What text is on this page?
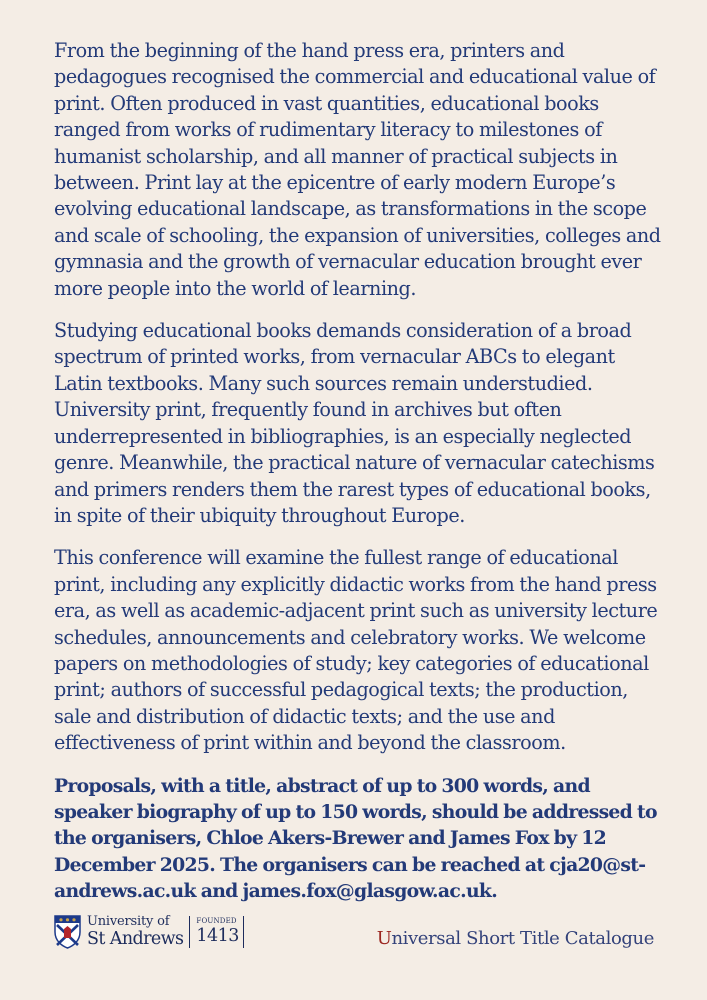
From the beginning of the hand press era, printers and pedagogues recognised the commercial and educational value of print. Often produced in vast quantities, educational books ranged from works of rudimentary literacy to milestones of humanist scholarship, and all manner of practical subjects in between. Print lay at the epicentre of early modern Europe’s evolving educational landscape, as transformations in the scope and scale of schooling, the expansion of universities, colleges and gymnasia and the growth of vernacular education brought ever more people into the world of learning.

Studying educational books demands consideration of a broad spectrum of printed works, from vernacular ABCs to elegant Latin textbooks. Many such sources remain understudied. University print, frequently found in archives but often underrepresented in bibliographies, is an especially neglected genre. Meanwhile, the practical nature of vernacular catechisms and primers renders them the rarest types of educational books, in spite of their ubiquity throughout Europe.

This conference will examine the fullest range of educational print, including any explicitly didactic works from the hand press era, as well as academic-adjacent print such as university lecture schedules, announcements and celebratory works. We welcome papers on methodologies of study; key categories of educational print; authors of successful pedagogical texts; the production, sale and distribution of didactic texts; and the use and effectiveness of print within and beyond the classroom.

Proposals, with a title, abstract of up to 300 words, and speaker biography of up to 150 words, should be addressed to the organisers, Chloe Akers-Brewer and James Fox by 12 December 2025. The organisers can be reached at cja20@st-andrews.ac.uk and james.fox@glasgow.ac.uk.

University of
St Andrews
FOUNDED
1413	Universal Short Title Catalogue
